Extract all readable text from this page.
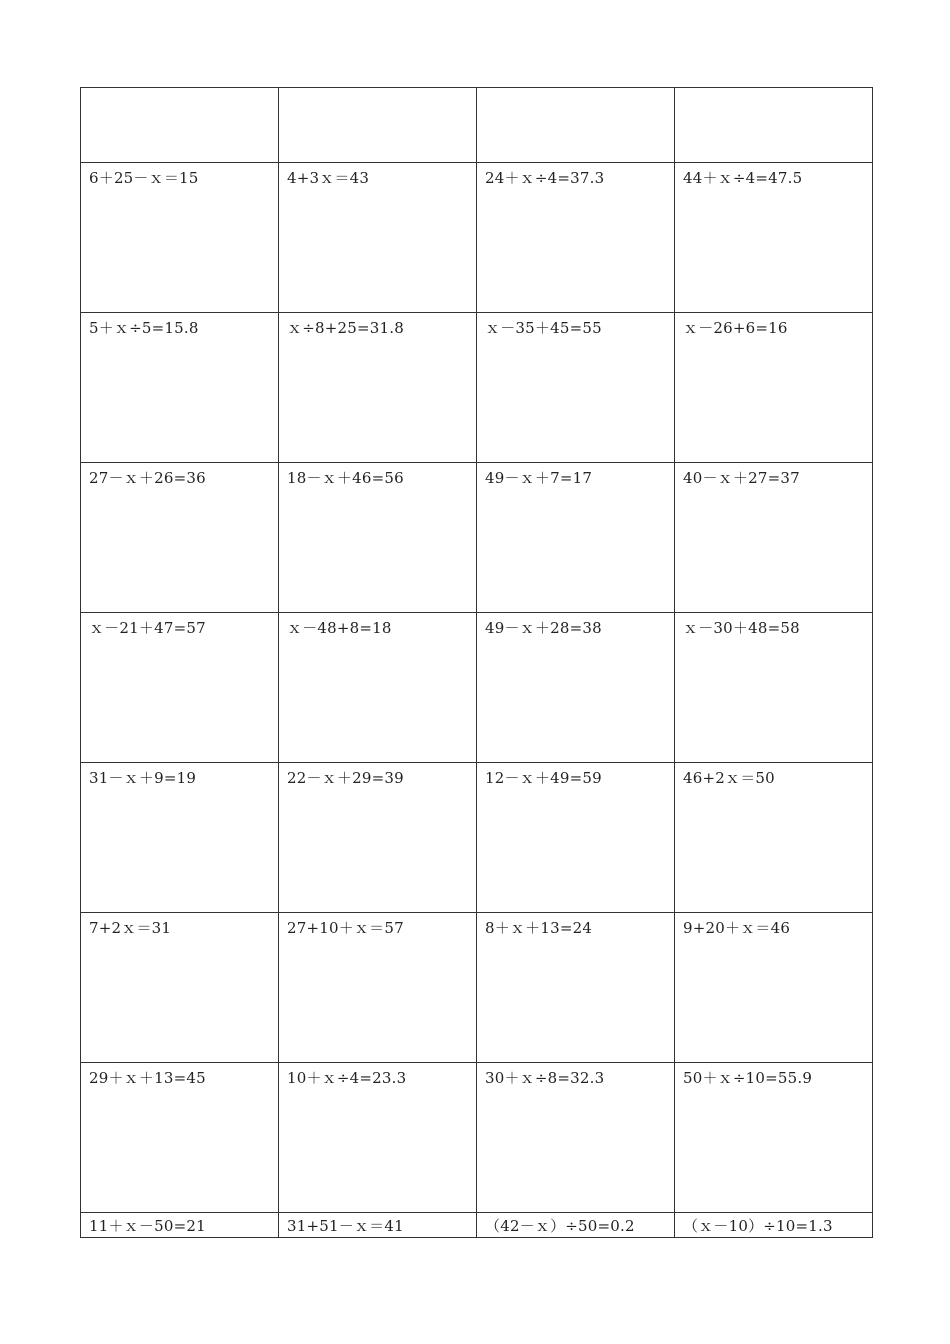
6＋25－ｘ＝15	4+3ｘ＝43	24＋ｘ÷4=37.3	44＋ｘ÷4=47.5

5＋ｘ÷5=15.8	ｘ÷8+25=31.8	ｘ－35＋45=55	ｘ－26+6=16

27－ｘ＋26=36	18－ｘ＋46=56	49－ｘ＋7=17	40－ｘ＋27=37

ｘ－21＋47=57	ｘ－48+8=18	49－ｘ＋28=38	ｘ－30＋48=58

31－ｘ＋9=19	22－ｘ＋29=39	12－ｘ＋49=59	46+2ｘ＝50

7+2ｘ＝31	27+10＋ｘ＝57	8＋ｘ＋13=24	9+20＋ｘ＝46

29＋ｘ＋13=45	10＋ｘ÷4=23.3	30＋ｘ÷8=32.3	50＋ｘ÷10=55.9

11＋ｘ－50=21	31+51－ｘ＝41	（42－ｘ）÷50=0.2	（ｘ－10）÷10=1.3
